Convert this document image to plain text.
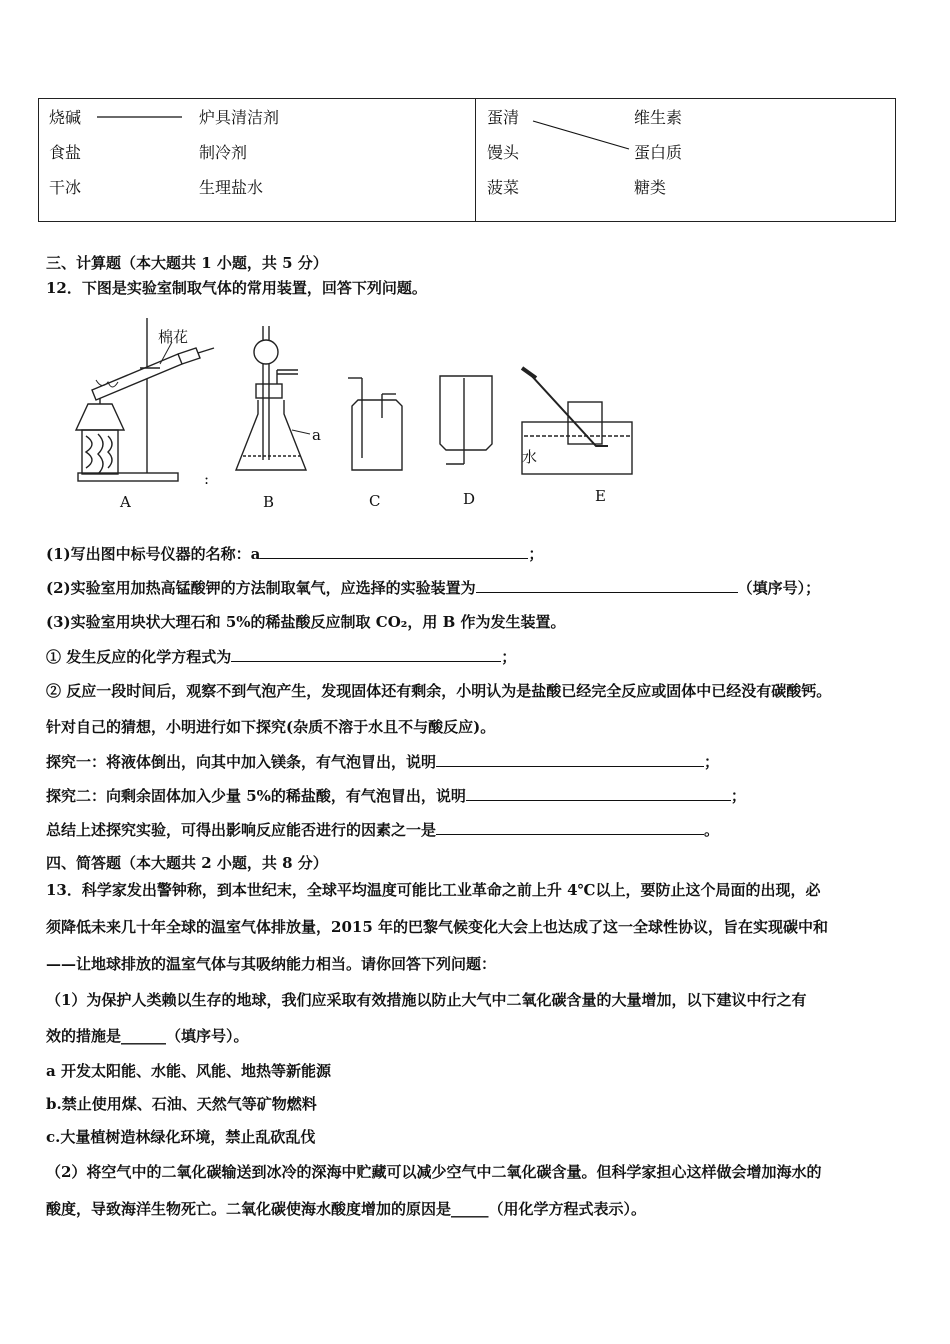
烧碱	炉具清洁剂
食盐	制冷剂
干冰	生理盐水
蛋清	维生素
馒头	蛋白质
菠菜	糖类
三、计算题（本大题共 1 小题，共 5 分）
12．下图是实验室制取气体的常用装置，回答下列问题。
棉花
a
水
:
A	B	C	D	E
(1)写出图中标号仪器的名称：a	；
(2)实验室用加热高锰酸钾的方法制取氧气，应选择的实验装置为	（填序号）；
(3)实验室用块状大理石和 5%的稀盐酸反应制取 CO₂，用 B 作为发生装置。
① 发生反应的化学方程式为	；
② 反应一段时间后，观察不到气泡产生，发现固体还有剩余，小明认为是盐酸已经完全反应或固体中已经没有碳酸钙。
针对自己的猜想，小明进行如下探究(杂质不溶于水且不与酸反应)。
探究一：将液体倒出，向其中加入镁条，有气泡冒出，说明	；
探究二：向剩余固体加入少量 5%的稀盐酸，有气泡冒出，说明	；
总结上述探究实验，可得出影响反应能否进行的因素之一是	。
四、简答题（本大题共 2 小题，共 8 分）
13．科学家发出警钟称，到本世纪末，全球平均温度可能比工业革命之前上升 4℃以上，要防止这个局面的出现，必
须降低未来几十年全球的温室气体排放量，2015 年的巴黎气候变化大会上也达成了这一全球性协议，旨在实现碳中和
——让地球排放的温室气体与其吸纳能力相当。请你回答下列问题：
（1）为保护人类赖以生存的地球，我们应采取有效措施以防止大气中二氧化碳含量的大量增加，以下建议中行之有
效的措施是______（填序号）。
a 开发太阳能、水能、风能、地热等新能源
b.禁止使用煤、石油、天然气等矿物燃料
c.大量植树造林绿化环境，禁止乱砍乱伐
（2）将空气中的二氧化碳输送到冰冷的深海中贮藏可以减少空气中二氧化碳含量。但科学家担心这样做会增加海水的
酸度，导致海洋生物死亡。二氧化碳使海水酸度增加的原因是_____（用化学方程式表示）。
